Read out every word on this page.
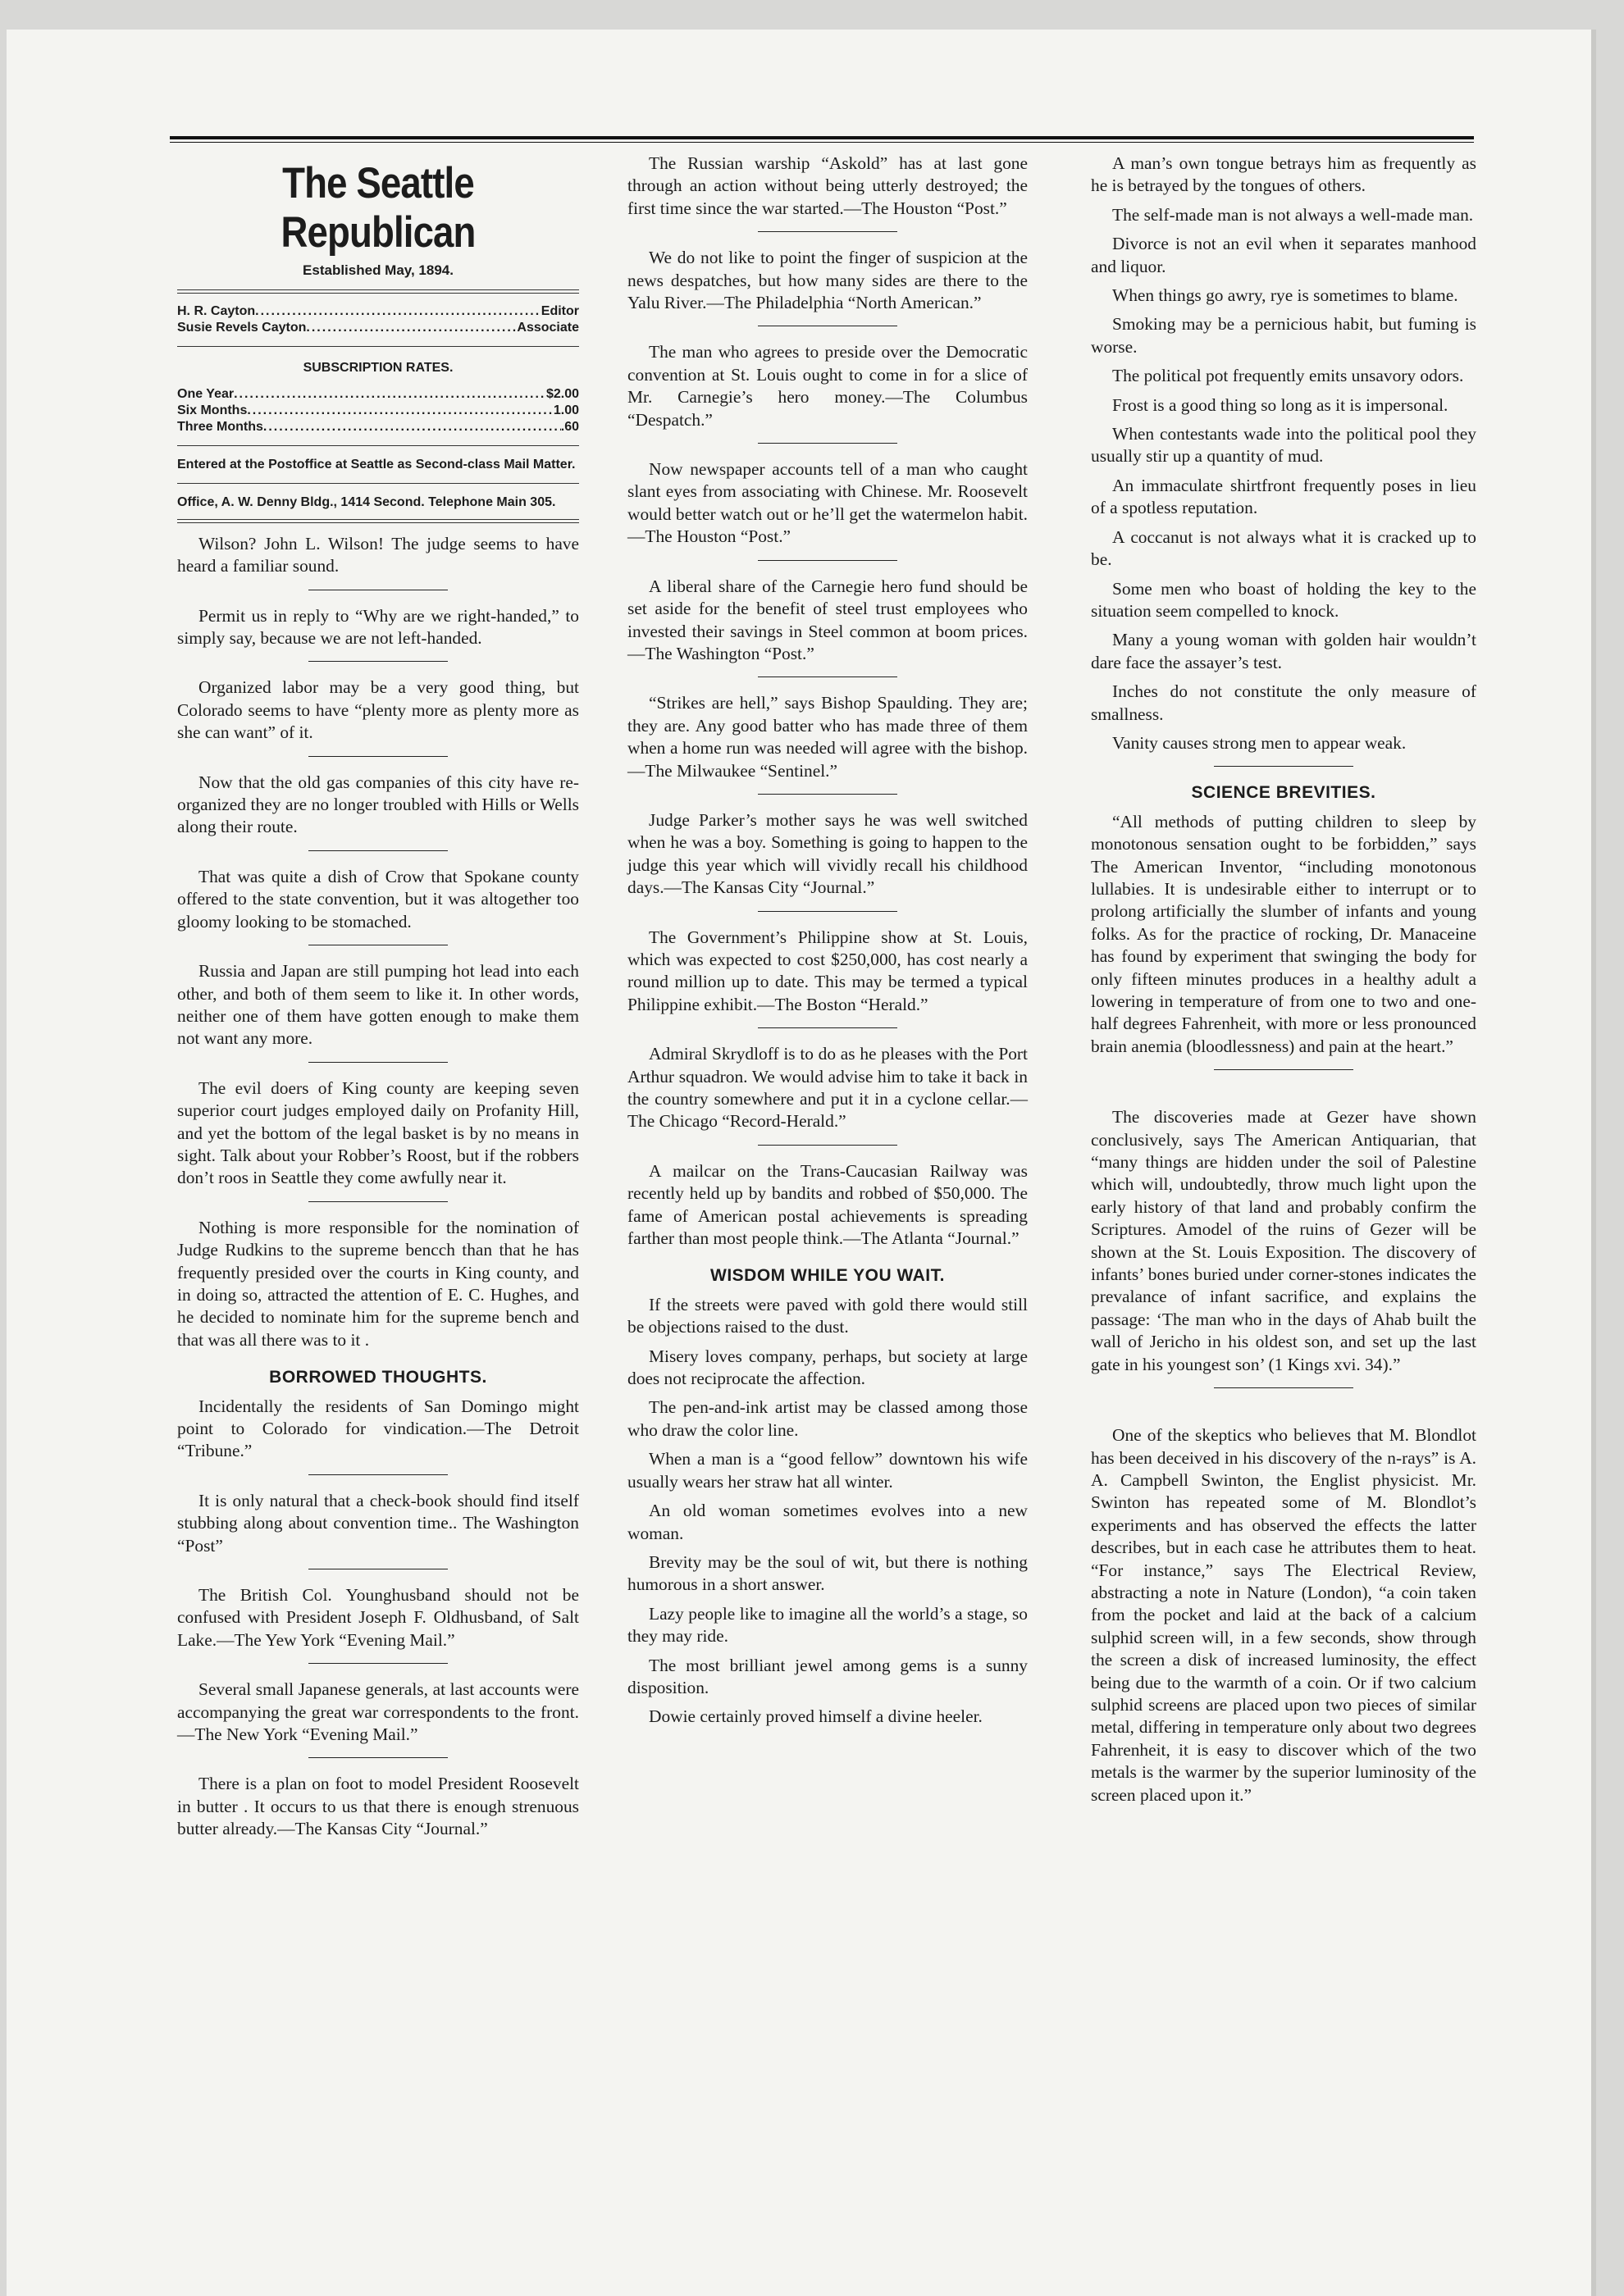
The Seattle Republican
Established May, 1894.
H. R. Cayton .....	Editor
Susie Revels Cayton .....	Associate
SUBSCRIPTION RATES.
One Year .....	$2.00
Six Months .....	1.00
Three Months .....	.60
Entered at the Postoffice at Seattle as Second-class Mail Matter.
Office, A. W. Denny Bldg., 1414 Second. Telephone Main 305.

Wilson? John L. Wilson! The judge seems to have heard a familiar sound.

Permit us in reply to “Why are we right-handed,” to simply say, because we are not left-handed.

Organized labor may be a very good thing, but Colorado seems to have “plenty more as plenty more as she can want” of it.

Now that the old gas companies of this city have re-organized they are no longer troubled with Hills or Wells along their route.

That was quite a dish of Crow that Spokane county offered to the state convention, but it was altogether too gloomy looking to be stomached.

Russia and Japan are still pumping hot lead into each other, and both of them seem to like it. In other words, neither one of them have gotten enough to make them not want any more.

The evil doers of King county are keeping seven superior court judges employed daily on Profanity Hill, and yet the bottom of the legal basket is by no means in sight. Talk about your Robber’s Roost, but if the robbers don’t roos in Seattle they come awfully near it.

Nothing is more responsible for the nomination of Judge Rudkins to the supreme bencch than that he has frequently presided over the courts in King county, and in doing so, attracted the attention of E. C. Hughes, and he decided to nominate him for the supreme bench and that was all there was to it .

BORROWED THOUGHTS.

Incidentally the residents of San Domingo might point to Colorado for vindication.—The Detroit “Tribune.”

It is only natural that a check-book should find itself stubbing along about convention time.. The Washington “Post”

The British Col. Younghusband should not be confused with President Joseph F. Oldhusband, of Salt Lake.—The Yew York “Evening Mail.”

Several small Japanese generals, at last accounts were accompanying the great war correspondents to the front.—The New York “Evening Mail.”

There is a plan on foot to model President Roosevelt in butter . It occurs to us that there is enough strenuous butter already.—The Kansas City “Journal.”

The Russian warship “Askold” has at last gone through an action without being utterly destroyed; the first time since the war started.—The Houston “Post.”

We do not like to point the finger of suspicion at the news despatches, but how many sides are there to the Yalu River.—The Philadelphia “North American.”

The man who agrees to preside over the Democratic convention at St. Louis ought to come in for a slice of Mr. Carnegie’s hero money.—The Columbus “Despatch.”

Now newspaper accounts tell of a man who caught slant eyes from associating with Chinese. Mr. Roosevelt would better watch out or he’ll get the watermelon habit.—The Houston “Post.”

A liberal share of the Carnegie hero fund should be set aside for the benefit of steel trust employees who invested their savings in Steel common at boom prices.—The Washington “Post.”

“Strikes are hell,” says Bishop Spaulding. They are; they are. Any good batter who has made three of them when a home run was needed will agree with the bishop.—The Milwaukee “Sentinel.”

Judge Parker’s mother says he was well switched when he was a boy. Something is going to happen to the judge this year which will vividly recall his childhood days.—The Kansas City “Journal.”

The Government’s Philippine show at St. Louis, which was expected to cost $250,000, has cost nearly a round million up to date. This may be termed a typical Philippine exhibit.—The Boston “Herald.”

Admiral Skrydloff is to do as he pleases with the Port Arthur squadron. We would advise him to take it back in the country somewhere and put it in a cyclone cellar.—The Chicago “Record-Herald.”

A mailcar on the Trans-Caucasian Railway was recently held up by bandits and robbed of $50,000. The fame of American postal achievements is spreading farther than most people think.—The Atlanta “Journal.”

WISDOM WHILE YOU WAIT.

If the streets were paved with gold there would still be objections raised to the dust.

Misery loves company, perhaps, but society at large does not reciprocate the affection.

The pen-and-ink artist may be classed among those who draw the color line.

When a man is a “good fellow” downtown his wife usually wears her straw hat all winter.

An old woman sometimes evolves into a new woman.

Brevity may be the soul of wit, but there is nothing humorous in a short answer.

Lazy people like to imagine all the world’s a stage, so they may ride.

The most brilliant jewel among gems is a sunny disposition.

Dowie certainly proved himself a divine heeler.

A man’s own tongue betrays him as frequently as he is betrayed by the tongues of others.

The self-made man is not always a well-made man.

Divorce is not an evil when it separates manhood and liquor.

When things go awry, rye is sometimes to blame.

Smoking may be a pernicious habit, but fuming is worse.

The political pot frequently emits unsavory odors.

Frost is a good thing so long as it is impersonal.

When contestants wade into the political pool they usually stir up a quantity of mud.

An immaculate shirtfront frequently poses in lieu of a spotless reputation.

A coccanut is not always what it is cracked up to be.

Some men who boast of holding the key to the situation seem compelled to knock.

Many a young woman with golden hair wouldn’t dare face the assayer’s test.

Inches do not constitute the only measure of smallness.

Vanity causes strong men to appear weak.

SCIENCE BREVITIES.

“All methods of putting children to sleep by monotonous sensation ought to be forbidden,” says The American Inventor, “including monotonous lullabies. It is undesirable either to interrupt or to prolong artificially the slumber of infants and young folks. As for the practice of rocking, Dr. Manaceine has found by experiment that swinging the body for only fifteen minutes produces in a healthy adult a lowering in temperature of from one to two and one-half degrees Fahrenheit, with more or less pronounced brain anemia (bloodlessness) and pain at the heart.”

The discoveries made at Gezer have shown conclusively, says The American Antiquarian, that “many things are hidden under the soil of Palestine which will, undoubtedly, throw much light upon the early history of that land and probably confirm the Scriptures. Amodel of the ruins of Gezer will be shown at the St. Louis Exposition. The discovery of infants’ bones buried under corner-stones indicates the prevalance of infant sacrifice, and explains the passage: ‘The man who in the days of Ahab built the wall of Jericho in his oldest son, and set up the last gate in his youngest son’ (1 Kings xvi. 34).”

One of the skeptics who believes that M. Blondlot has been deceived in his discovery of the n-rays” is A. A. Campbell Swinton, the Englist physicist. Mr. Swinton has repeated some of M. Blondlot’s experiments and has observed the effects the latter describes, but in each case he attributes them to heat. “For instance,” says The Electrical Review, abstracting a note in Nature (London), “a coin taken from the pocket and laid at the back of a calcium sulphid screen will, in a few seconds, show through the screen a disk of increased luminosity, the effect being due to the warmth of a coin. Or if two calcium sulphid screens are placed upon two pieces of similar metal, differing in temperature only about two degrees Fahrenheit, it is easy to discover which of the two metals is the warmer by the superior luminosity of the screen placed upon it.”
